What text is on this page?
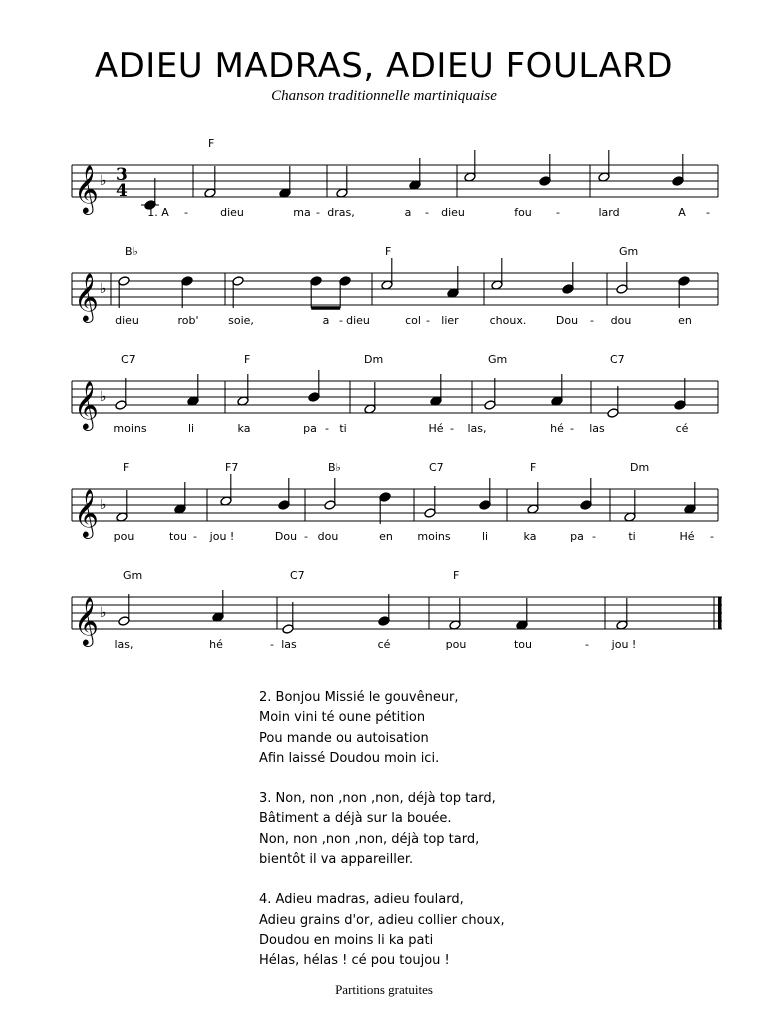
ADIEU MADRAS, ADIEU FOULARD
Chanson traditionnelle martiniquaise
𝄞 ♭ 3
4
F
1. A -	dieu	ma - dras,	a - dieu	fou -	lard	A -
𝄞 ♭
B♭	F	Gm
dieu	rob'	soie,	a - dieu	col - lier	choux.	Dou - dou	en
𝄞 ♭
C7	F	Dm	Gm	C7
moins	li	ka	pa - ti	Hé - las,	hé - las	cé
𝄞 ♭
F	F7	B♭	C7	F	Dm
pou	tou - jou !	Dou - dou	en moins	li	ka	pa -	ti	Hé -
𝄞 ♭
Gm	C7	F
las,	hé	- las	cé	pou	tou	- jou !
2. Bonjou Missié le gouvêneur,
Moin vini té oune pétition
Pou mande ou autoisation
Afin laissé Doudou moin ici.
3. Non, non ,non ,non, déjà top tard,
Bâtiment a déjà sur la bouée.
Non, non ,non ,non, déjà top tard,
bientôt il va appareiller.
4. Adieu madras, adieu foulard,
Adieu grains d'or, adieu collier choux,
Doudou en moins li ka pati
Hélas, hélas ! cé pou toujou !
Partitions gratuites
